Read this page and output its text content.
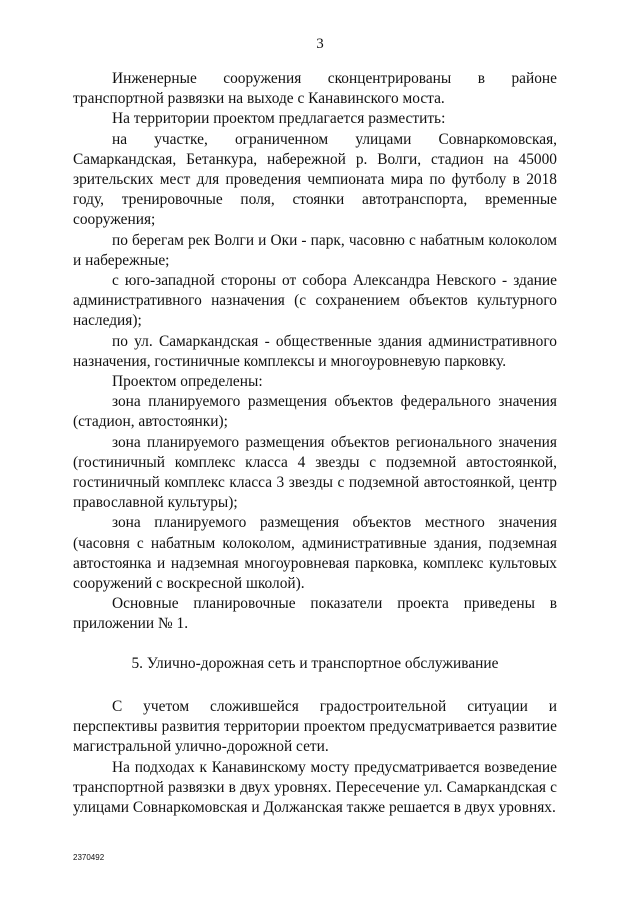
3

Инженерные сооружения сконцентрированы в районе транспортной развязки на выходе с Канавинского моста.

На территории проектом предлагается разместить:

на участке, ограниченном улицами Совнаркомовская, Самаркандская, Бетанкура, набережной р. Волги, стадион на 45000 зрительских мест для проведения чемпионата мира по футболу в 2018 году, тренировочные поля, стоянки автотранспорта, временные сооружения;

по берегам рек Волги и Оки - парк, часовню с набатным колоколом и набережные;

с юго-западной стороны от собора Александра Невского - здание административного назначения (с сохранением объектов культурного наследия);

по ул. Самаркандская - общественные здания административного назначения, гостиничные комплексы и многоуровневую парковку.

Проектом определены:

зона планируемого размещения объектов федерального значения (стадион, автостоянки);

зона планируемого размещения объектов регионального значения (гостиничный комплекс класса 4 звезды с подземной автостоянкой, гостиничный комплекс класса 3 звезды с подземной автостоянкой, центр православной культуры);

зона планируемого размещения объектов местного значения (часовня с набатным колоколом, административные здания, подземная автостоянка и надземная многоуровневая парковка, комплекс культовых сооружений с воскресной школой).

Основные планировочные показатели проекта приведены в приложении № 1.

5. Улично-дорожная сеть и транспортное обслуживание

С учетом сложившейся градостроительной ситуации и перспективы развития территории проектом предусматривается развитие магистральной улично-дорожной сети.

На подходах к Канавинскому мосту предусматривается возведение транспортной развязки в двух уровнях. Пересечение ул. Самаркандская с улицами Совнаркомовская и Должанская также решается в двух уровнях.

2370492
